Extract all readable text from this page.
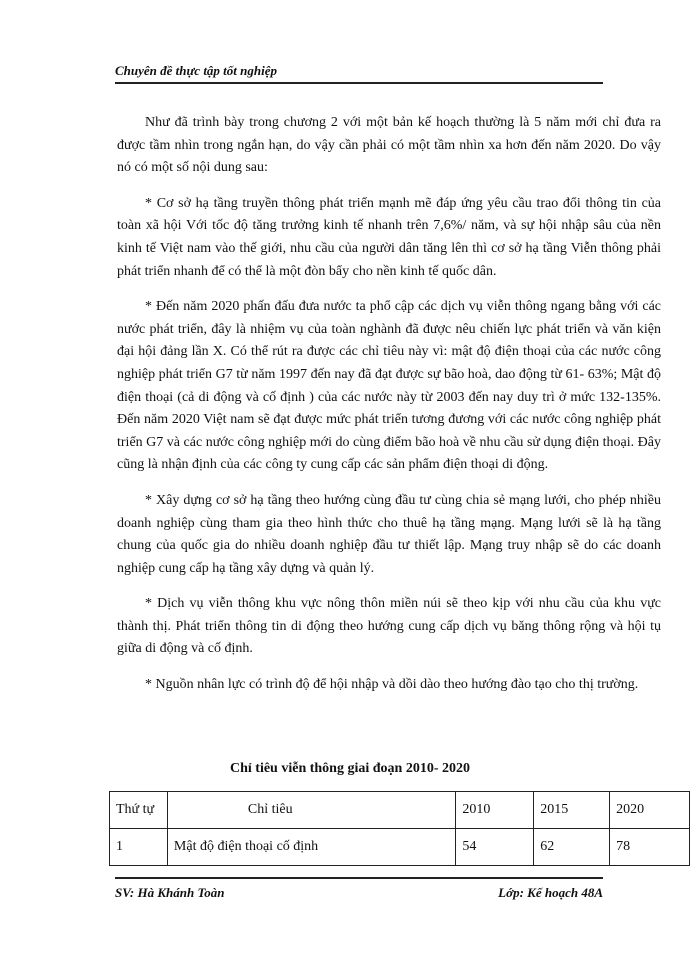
Chuyên đề thực tập tốt nghiệp

Như đã trình bày trong chương 2 với một bản kế hoạch thường là 5 năm mới chỉ đưa ra được tầm nhìn trong ngắn hạn, do vậy cần phải có một tầm nhìn xa hơn đến năm 2020. Do vậy nó có một số nội dung sau:

* Cơ sở hạ tầng truyền thông phát triển mạnh mẽ đáp ứng yêu cầu trao đổi thông tin của toàn xã hội Với tốc độ tăng trưởng kinh tế nhanh trên 7,6%/ năm, và sự hội nhập sâu của nền kinh tế Việt nam vào thế giới, nhu cầu của người dân tăng lên thì cơ sở hạ tầng Viễn thông phải phát triển nhanh để có thể là một đòn bẩy cho nền kinh tế quốc dân.

* Đến năm 2020 phấn đấu đưa nước ta phổ cập các dịch vụ viễn thông ngang bằng với các nước phát triển, đây là nhiệm vụ của toàn nghành đã được nêu chiến lực phát triển và văn kiện đại hội đảng lần X. Có thể rút ra được các chỉ tiêu này vì: mật độ điện thoại của các nước công nghiệp phát triển G7 từ năm 1997 đến nay đã đạt được sự bão hoà, dao động từ 61- 63%; Mật độ điện thoại (cả di động và cố định ) của các nước này từ 2003 đến nay duy trì ở mức 132-135%. Đến năm 2020 Việt nam sẽ đạt được mức phát triển tương đương với các nước công nghiệp phát triển G7 và các nước công nghiệp mới do cùng điểm bão hoà về nhu cầu sử dụng điện thoại. Đây cũng là nhận định của các công ty cung cấp các sản phẩm điện thoại di động.

* Xây dựng cơ sở hạ tầng theo hướng cùng đầu tư cùng chia sẻ mạng lưới, cho phép nhiều doanh nghiệp cùng tham gia theo hình thức cho thuê hạ tầng mạng. Mạng lưới sẽ là hạ tầng chung của quốc gia do nhiều doanh nghiệp đầu tư thiết lập. Mạng truy nhập sẽ do các doanh nghiệp cung cấp hạ tầng xây dựng và quản lý.

* Dịch vụ viễn thông khu vực nông thôn miền núi sẽ theo kịp với nhu cầu của khu vực thành thị. Phát triển thông tin di động theo hướng cung cấp dịch vụ băng thông rộng và hội tụ giữa di động và cố định.

* Nguồn nhân lực có trình độ để hội nhập và dồi dào theo hướng đào tạo cho thị trường.

Chỉ tiêu viễn thông giai đoạn 2010- 2020
Thứ tự	Chỉ tiêu	2010	2015	2020
1	Mật độ điện thoại cố định	54	62	78
SV: Hà Khánh Toàn	Lớp: Kế hoạch 48A
